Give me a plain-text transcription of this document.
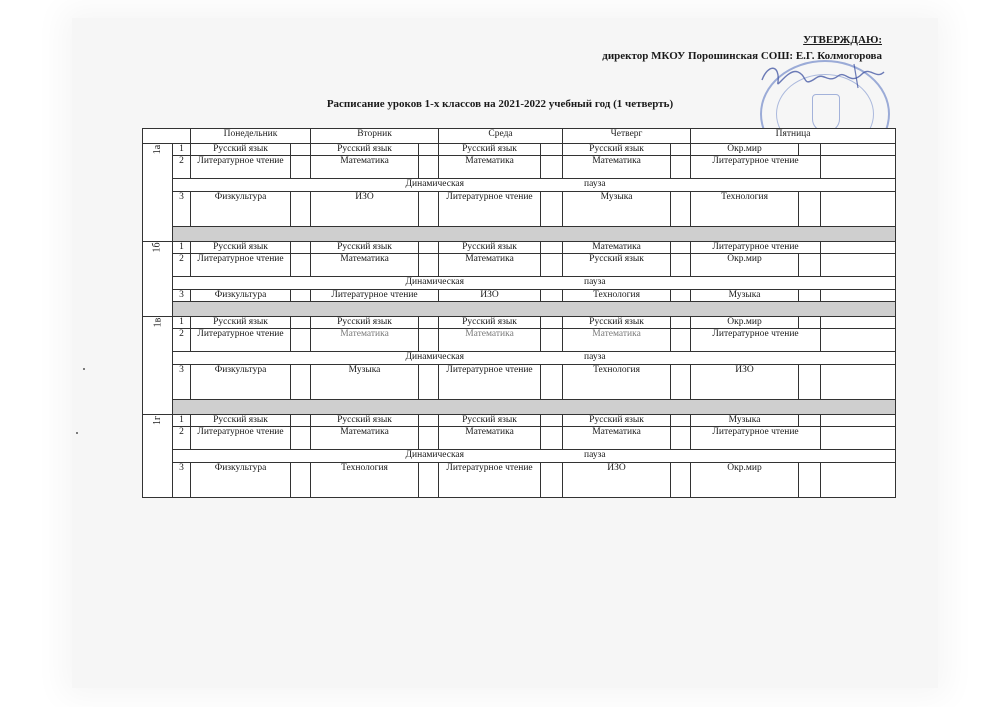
УТВЕРЖДАЮ:
директор МКОУ Порошинская СОШ: Е.Г. Колмогорова
Расписание уроков 1-х классов на 2021-2022 учебный год (1 четверть)
		Понедельник		Вторник		Среда		Четверг		Пятница		
1а	1	Русский язык		Русский язык		Русский язык		Русский язык		Окр.мир		
	2	Литературное чтение		Математика		Математика		Математика		Литературное чтение		
	Динамическая пауза											
	3	Физкультура		ИЗО		Литературное чтение		Музыка		Технология		

1б	1	Русский язык		Русский язык		Русский язык		Математика		Литературное чтение		
	2	Литературное чтение		Математика		Математика		Русский язык		Окр.мир		
	Динамическая пауза											
	3	Физкультура		Литературное чтение		ИЗО		Технология		Музыка		

1в	1	Русский язык		Русский язык		Русский язык		Русский язык		Окр.мир		
	2	Литературное чтение		Математика		Математика		Математика		Литературное чтение		
	Динамическая пауза											
	3	Физкультура		Музыка		Литературное чтение		Технология		ИЗО		

1г	1	Русский язык		Русский язык		Русский язык		Русский язык		Музыка		
	2	Литературное чтение		Математика		Математика		Математика		Литературное чтение		
	Динамическая пауза											
	3	Физкультура		Технология		Литературное чтение		ИЗО		Окр.мир		
